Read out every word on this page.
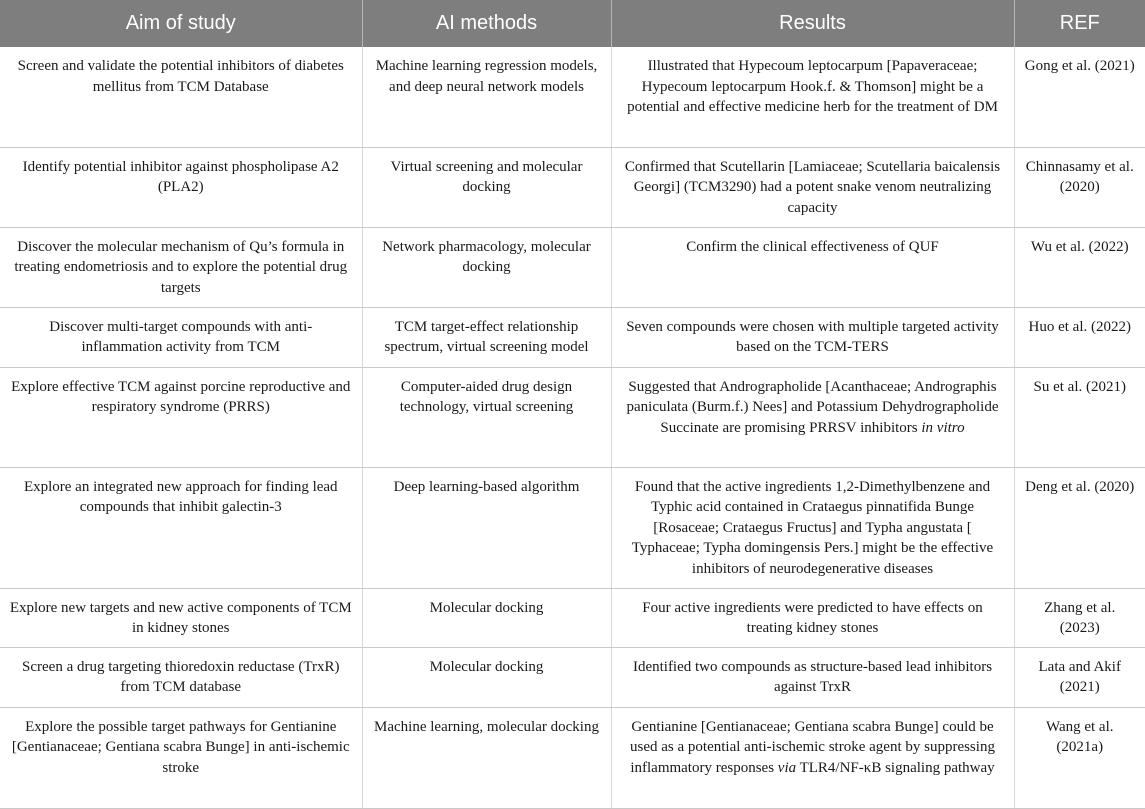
Aim of study	AI methods	Results	REF
Screen and validate the potential inhibitors of diabetes mellitus from TCM Database	Machine learning regression models, and deep neural network models	Illustrated that Hypecoum leptocarpum [Papaveraceae; Hypecoum leptocarpum Hook.f. & Thomson] might be a potential and effective medicine herb for the treatment of DM	Gong et al. (2021)
Identify potential inhibitor against phospholipase A2 (PLA2)	Virtual screening and molecular docking	Confirmed that Scutellarin [Lamiaceae; Scutellaria baicalensis Georgi] (TCM3290) had a potent snake venom neutralizing capacity	Chinnasamy et al. (2020)
Discover the molecular mechanism of Qu’s formula in treating endometriosis and to explore the potential drug targets	Network pharmacology, molecular docking	Confirm the clinical effectiveness of QUF	Wu et al. (2022)
Discover multi-target compounds with anti-inflammation activity from TCM	TCM target-effect relationship spectrum, virtual screening model	Seven compounds were chosen with multiple targeted activity based on the TCM-TERS	Huo et al. (2022)
Explore effective TCM against porcine reproductive and respiratory syndrome (PRRS)	Computer-aided drug design technology, virtual screening	Suggested that Andrographolide [Acanthaceae; Andrographis paniculata (Burm.f.) Nees] and Potassium Dehydrographolide Succinate are promising PRRSV inhibitors in vitro	Su et al. (2021)
Explore an integrated new approach for finding lead compounds that inhibit galectin-3	Deep learning-based algorithm	Found that the active ingredients 1,2-Dimethylbenzene and Typhic acid contained in Crataegus pinnatifida Bunge [Rosaceae; Crataegus Fructus] and Typha angustata [ Typhaceae; Typha domingensis Pers.] might be the effective inhibitors of neurodegenerative diseases	Deng et al. (2020)
Explore new targets and new active components of TCM in kidney stones	Molecular docking	Four active ingredients were predicted to have effects on treating kidney stones	Zhang et al. (2023)
Screen a drug targeting thioredoxin reductase (TrxR) from TCM database	Molecular docking	Identified two compounds as structure-based lead inhibitors against TrxR	Lata and Akif (2021)
Explore the possible target pathways for Gentianine [Gentianaceae; Gentiana scabra Bunge] in anti-ischemic stroke	Machine learning, molecular docking	Gentianine [Gentianaceae; Gentiana scabra Bunge] could be used as a potential anti-ischemic stroke agent by suppressing inflammatory responses via TLR4/NF-κB signaling pathway	Wang et al. (2021a)
